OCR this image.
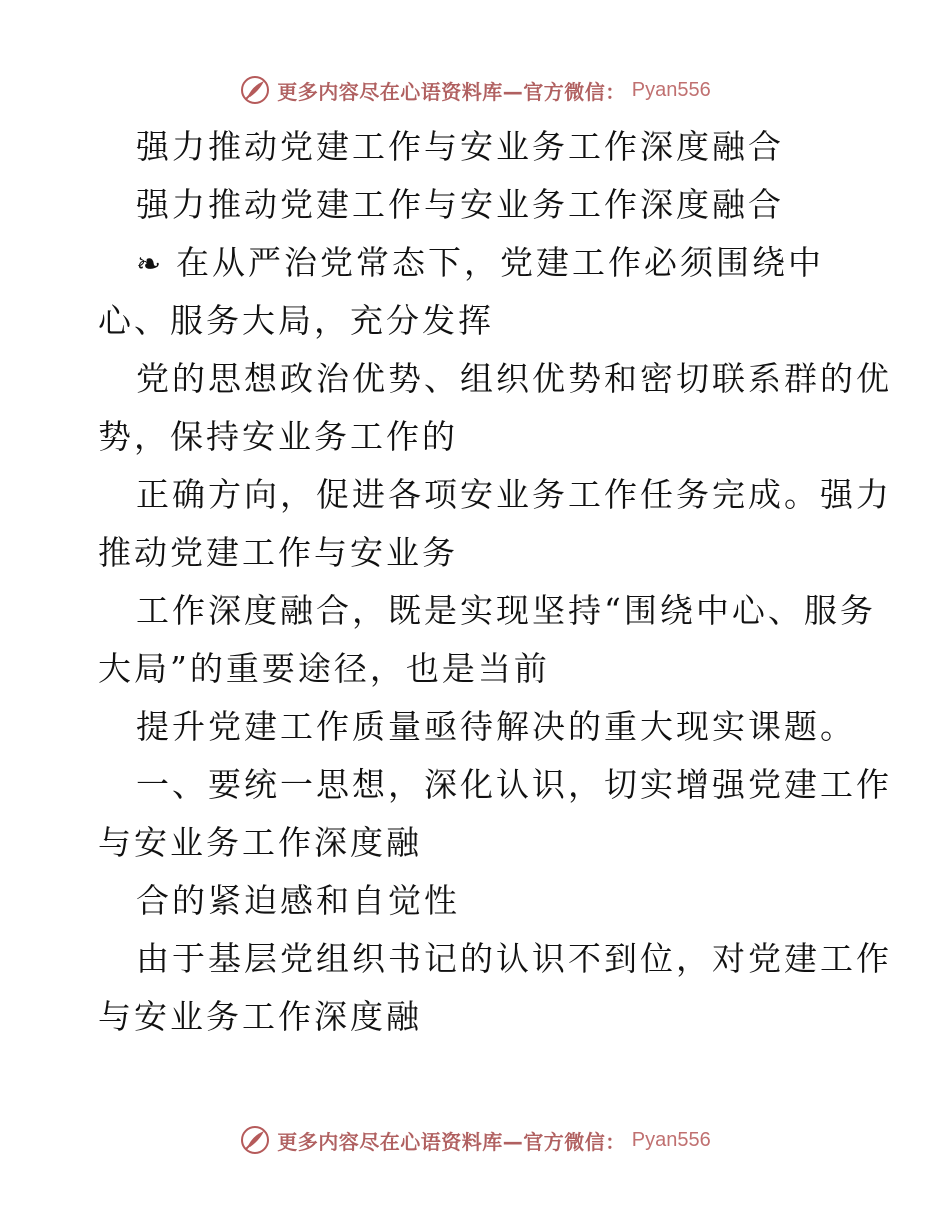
更多内容尽在心语资料库—官方微信： Pyan556
强力推动党建工作与安业务工作深度融合
强力推动党建工作与安业务工作深度融合
❧ 在从严治党常态下，党建工作必须围绕中
心、服务大局，充分发挥
党的思想政治优势、组织优势和密切联系群的优
势，保持安业务工作的
正确方向，促进各项安业务工作任务完成。强力
推动党建工作与安业务
工作深度融合，既是实现坚持“围绕中心、服务
大局”的重要途径，也是当前
提升党建工作质量亟待解决的重大现实课题。
一、要统一思想，深化认识，切实增强党建工作
与安业务工作深度融
合的紧迫感和自觉性
由于基层党组织书记的认识不到位，对党建工作
与安业务工作深度融
更多内容尽在心语资料库—官方微信： Pyan556
